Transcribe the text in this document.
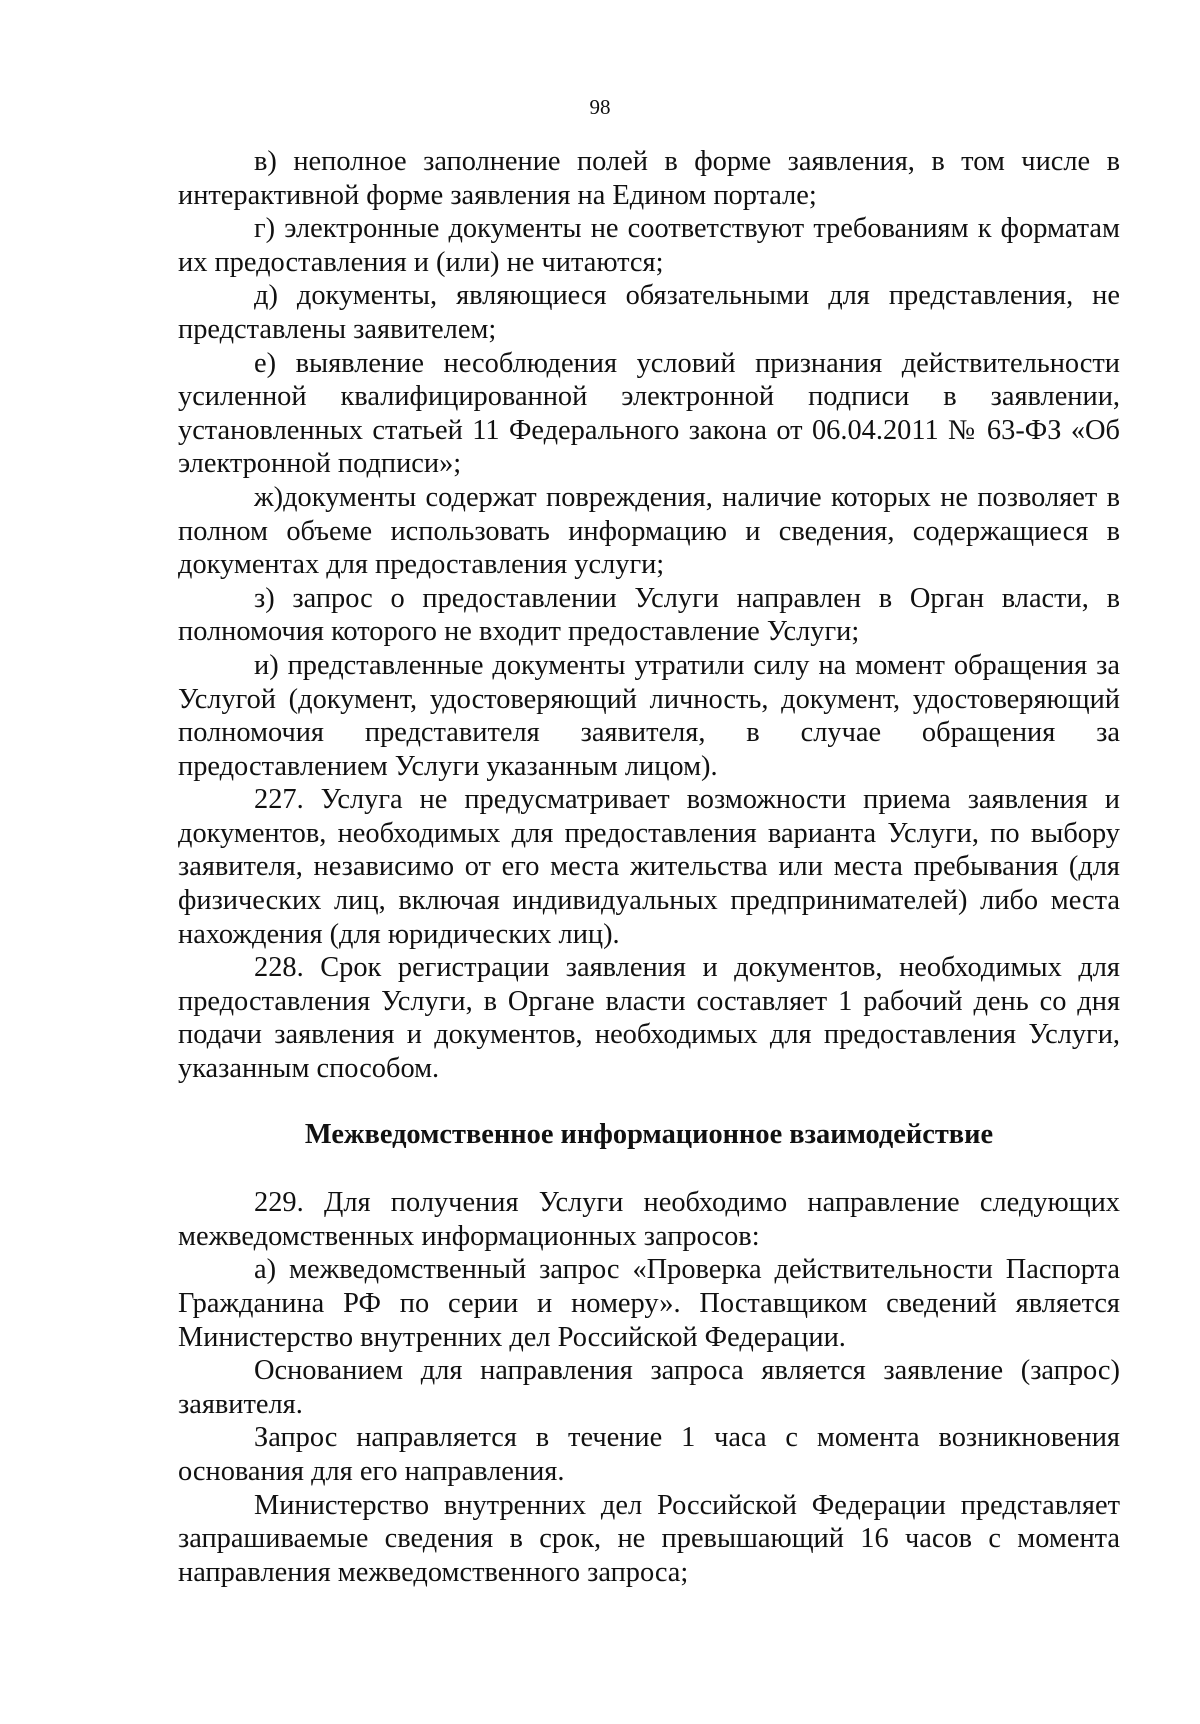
98

в) неполное заполнение полей в форме заявления, в том числе в интерактивной форме заявления на Едином портале;

г) электронные документы не соответствуют требованиям к форматам их предоставления и (или) не читаются;

д) документы, являющиеся обязательными для представления, не представлены заявителем;

е) выявление несоблюдения условий признания действительности усиленной квалифицированной электронной подписи в заявлении, установленных статьей 11 Федерального закона от 06.04.2011 № 63-ФЗ «Об электронной подписи»;

ж)документы содержат повреждения, наличие которых не позволяет в полном объеме использовать информацию и сведения, содержащиеся в документах для предоставления услуги;

з) запрос о предоставлении Услуги направлен в Орган власти, в полномочия которого не входит предоставление Услуги;

и) представленные документы утратили силу на момент обращения за Услугой (документ, удостоверяющий личность, документ, удостоверяющий полномочия представителя заявителя, в случае обращения за предоставлением Услуги указанным лицом).

227. Услуга не предусматривает возможности приема заявления и документов, необходимых для предоставления варианта Услуги, по выбору заявителя, независимо от его места жительства или места пребывания (для физических лиц, включая индивидуальных предпринимателей) либо места нахождения (для юридических лиц).

228. Срок регистрации заявления и документов, необходимых для предоставления Услуги, в Органе власти составляет 1 рабочий день со дня подачи заявления и документов, необходимых для предоставления Услуги, указанным способом.

Межведомственное информационное взаимодействие

229. Для получения Услуги необходимо направление следующих межведомственных информационных запросов:

а) межведомственный запрос «Проверка действительности Паспорта Гражданина РФ по серии и номеру». Поставщиком сведений является Министерство внутренних дел Российской Федерации.

Основанием для направления запроса является заявление (запрос) заявителя.

Запрос направляется в течение 1 часа с момента возникновения основания для его направления.

Министерство внутренних дел Российской Федерации представляет запрашиваемые сведения в срок, не превышающий 16 часов с момента направления межведомственного запроса;
